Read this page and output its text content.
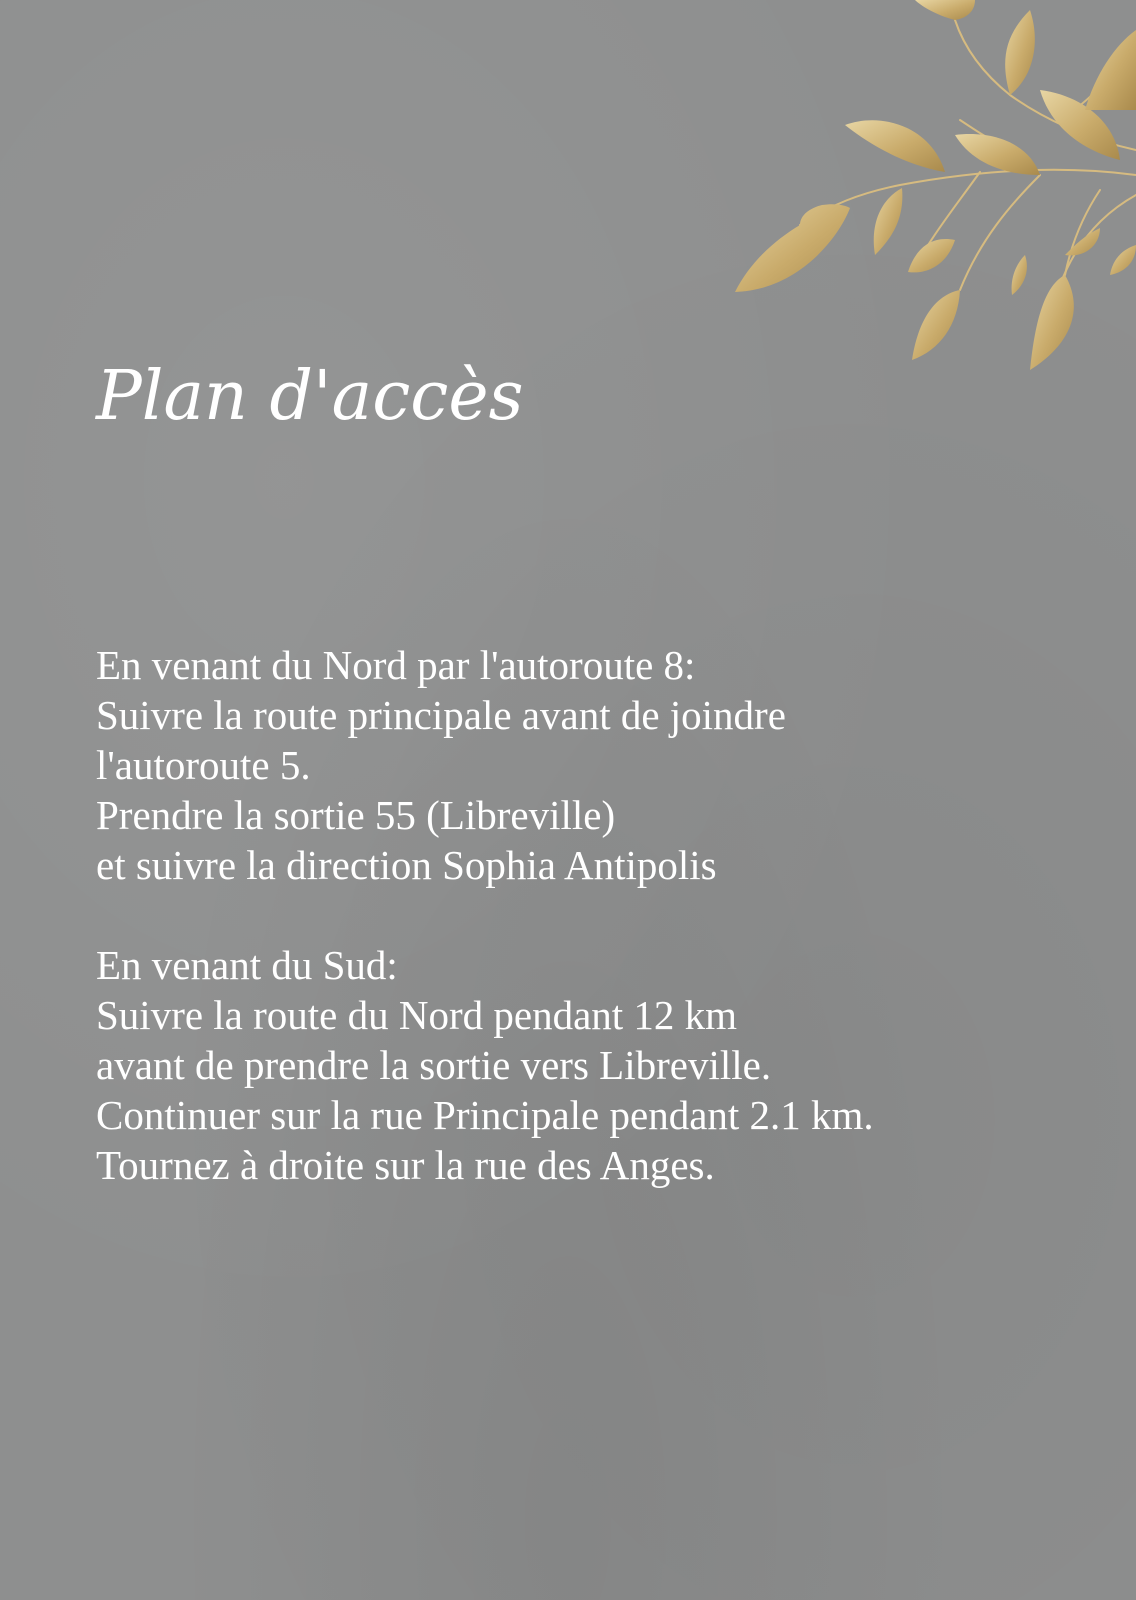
Plan d'accès

En venant du Nord par l'autoroute 8:
Suivre la route principale avant de joindre
l'autoroute 5.
Prendre la sortie 55 (Libreville)
et suivre la direction Sophia Antipolis

En venant du Sud:
Suivre la route du Nord pendant 12 km
avant de prendre la sortie vers Libreville.
Continuer sur la rue Principale pendant 2.1 km.
Tournez à droite sur la rue des Anges.
